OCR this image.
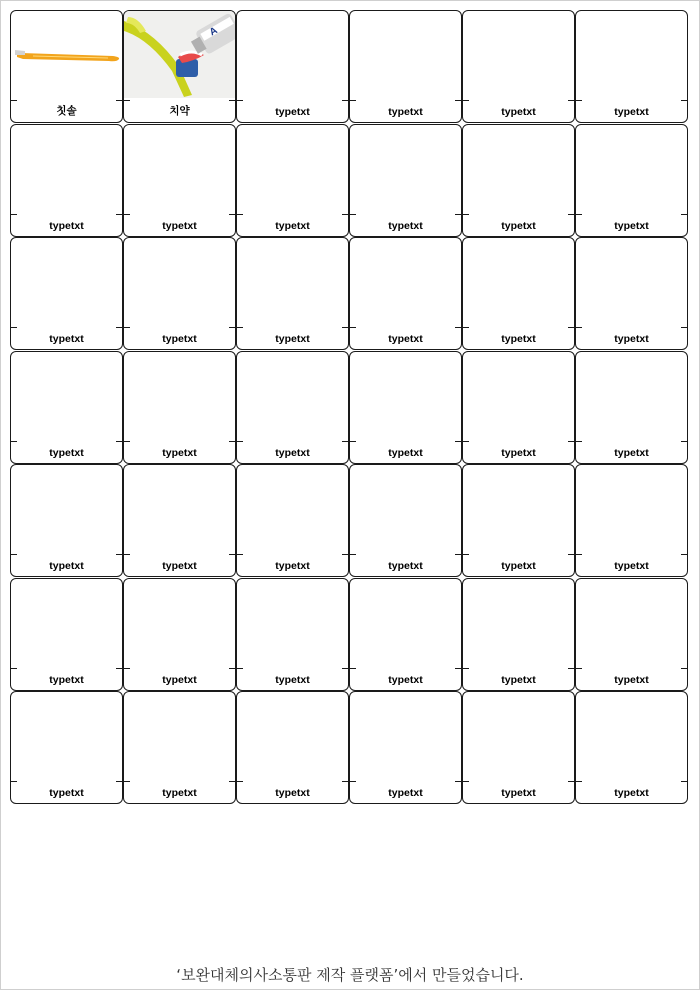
칫솔
A
치약	typetxt	typetxt	typetxt	typetxt
typetxt	typetxt	typetxt	typetxt	typetxt	typetxt
typetxt	typetxt	typetxt	typetxt	typetxt	typetxt
typetxt	typetxt	typetxt	typetxt	typetxt	typetxt
typetxt	typetxt	typetxt	typetxt	typetxt	typetxt
typetxt	typetxt	typetxt	typetxt	typetxt	typetxt
typetxt	typetxt	typetxt	typetxt	typetxt	typetxt
‘보완대체의사소통판 제작 플랫폼’에서 만들었습니다.
